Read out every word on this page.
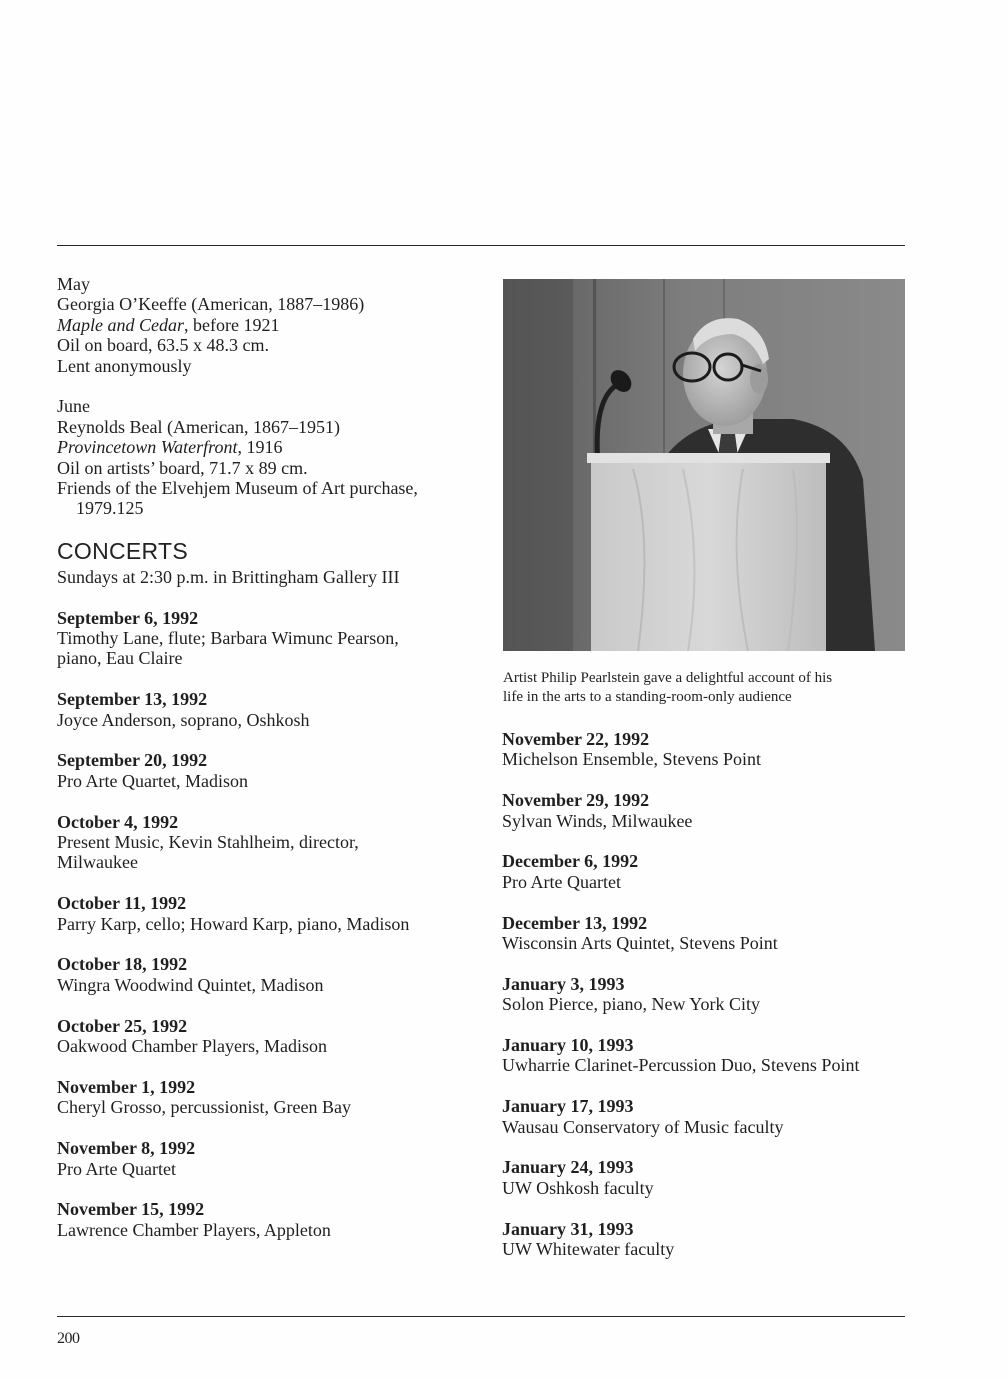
May
Georgia O’Keeffe (American, 1887–1986)
Maple and Cedar, before 1921
Oil on board, 63.5 x 48.3 cm.
Lent anonymously
June
Reynolds Beal (American, 1867–1951)
Provincetown Waterfront, 1916
Oil on artists’ board, 71.7 x 89 cm.
Friends of the Elvehjem Museum of Art purchase,
1979.125
CONCERTS
Sundays at 2:30 p.m. in Brittingham Gallery III
September 6, 1992
Timothy Lane, flute; Barbara Wimunc Pearson,
piano, Eau Claire
September 13, 1992
Joyce Anderson, soprano, Oshkosh
September 20, 1992
Pro Arte Quartet, Madison
October 4, 1992
Present Music, Kevin Stahlheim, director,
Milwaukee
October 11, 1992
Parry Karp, cello; Howard Karp, piano, Madison
October 18, 1992
Wingra Woodwind Quintet, Madison
October 25, 1992
Oakwood Chamber Players, Madison
November 1, 1992
Cheryl Grosso, percussionist, Green Bay
November 8, 1992
Pro Arte Quartet
November 15, 1992
Lawrence Chamber Players, Appleton
Artist Philip Pearlstein gave a delightful account of his
life in the arts to a standing-room-only audience
November 22, 1992
Michelson Ensemble, Stevens Point
November 29, 1992
Sylvan Winds, Milwaukee
December 6, 1992
Pro Arte Quartet
December 13, 1992
Wisconsin Arts Quintet, Stevens Point
January 3, 1993
Solon Pierce, piano, New York City
January 10, 1993
Uwharrie Clarinet-Percussion Duo, Stevens Point
January 17, 1993
Wausau Conservatory of Music faculty
January 24, 1993
UW Oshkosh faculty
January 31, 1993
UW Whitewater faculty
200
